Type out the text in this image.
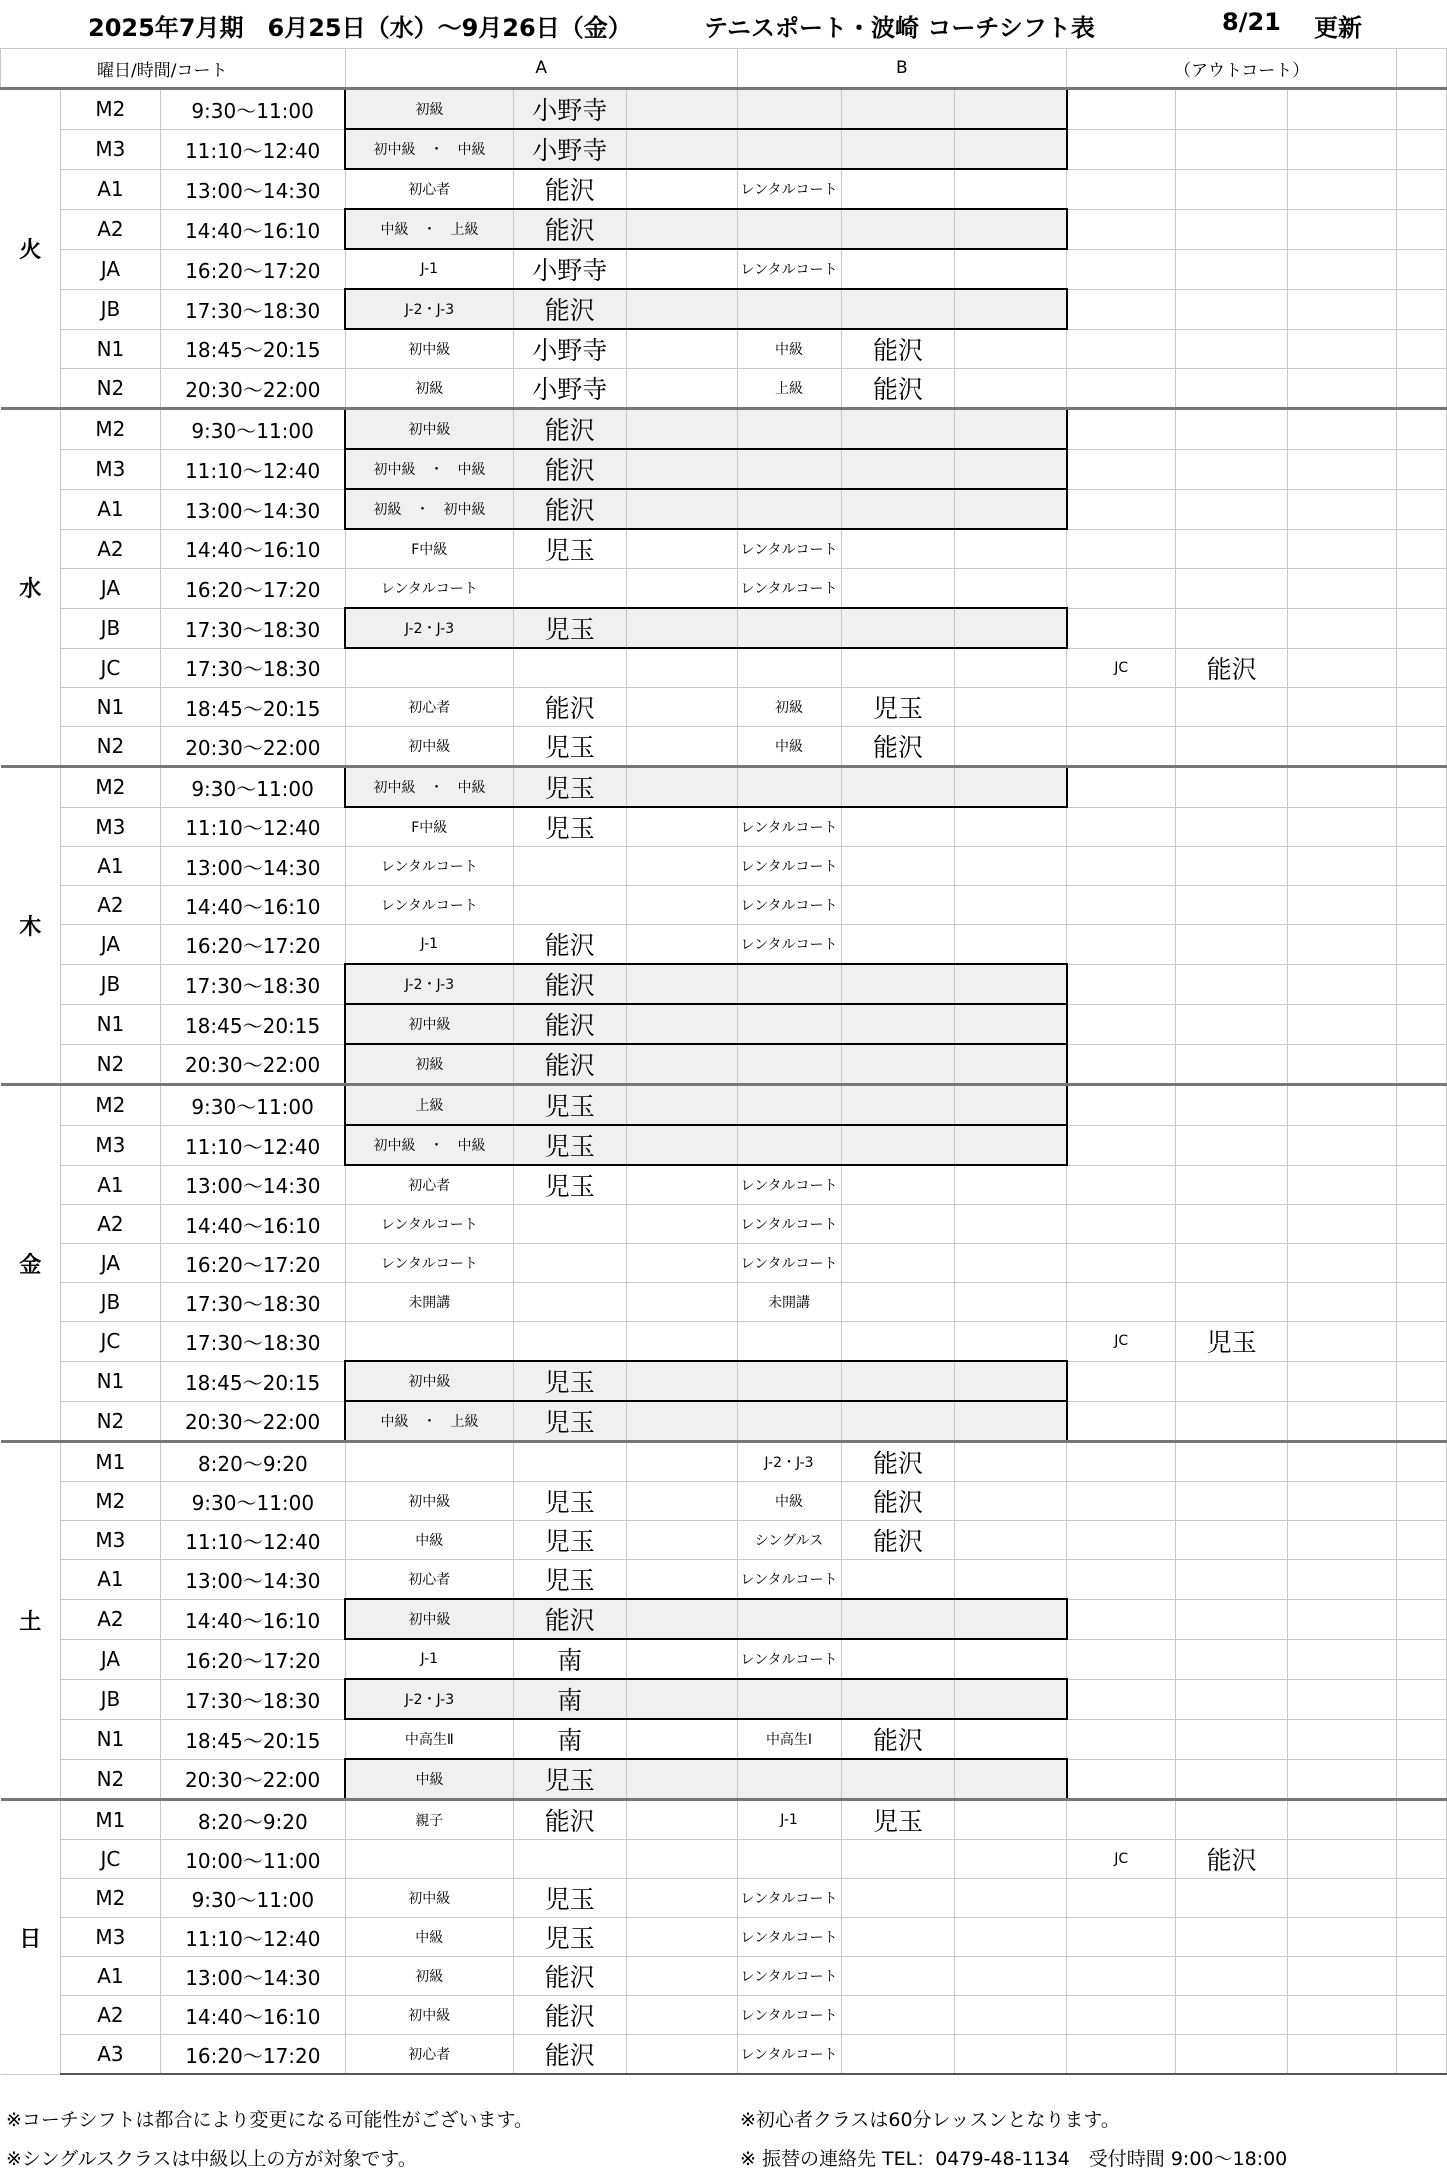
2025年7月期　6月25日（水）～9月26日（金）	テニスポート・波崎 コーチシフト表	8/21 更新
曜日/時間/コート			A			B			（アウトコート）			
火	M2	9:30～11:00	初級	小野寺								
	M3	11:10～12:40	初中級　・　中級	小野寺								
	A1	13:00～14:30	初心者	能沢		レンタルコート						
	A2	14:40～16:10	中級　・　上級	能沢								
	JA	16:20～17:20	J-1	小野寺		レンタルコート						
	JB	17:30～18:30	J-2・J-3	能沢								
	N1	18:45～20:15	初中級	小野寺		中級	能沢					
	N2	20:30～22:00	初級	小野寺		上級	能沢					
水	M2	9:30～11:00	初中級	能沢								
	M3	11:10～12:40	初中級　・　中級	能沢								
	A1	13:00～14:30	初級　・　初中級	能沢								
	A2	14:40～16:10	F中級	児玉		レンタルコート						
	JA	16:20～17:20	レンタルコート			レンタルコート						
	JB	17:30～18:30	J-2・J-3	児玉								
	JC	17:30～18:30							JC	能沢		
	N1	18:45～20:15	初心者	能沢		初級	児玉					
	N2	20:30～22:00	初中級	児玉		中級	能沢					
木	M2	9:30～11:00	初中級　・　中級	児玉								
	M3	11:10～12:40	F中級	児玉		レンタルコート						
	A1	13:00～14:30	レンタルコート			レンタルコート						
	A2	14:40～16:10	レンタルコート			レンタルコート						
	JA	16:20～17:20	J-1	能沢		レンタルコート						
	JB	17:30～18:30	J-2・J-3	能沢								
	N1	18:45～20:15	初中級	能沢								
	N2	20:30～22:00	初級	能沢								
金	M2	9:30～11:00	上級	児玉								
	M3	11:10～12:40	初中級　・　中級	児玉								
	A1	13:00～14:30	初心者	児玉		レンタルコート						
	A2	14:40～16:10	レンタルコート			レンタルコート						
	JA	16:20～17:20	レンタルコート			レンタルコート						
	JB	17:30～18:30	未開講			未開講						
	JC	17:30～18:30							JC	児玉		
	N1	18:45～20:15	初中級	児玉								
	N2	20:30～22:00	中級　・　上級	児玉								
土	M1	8:20～9:20				J-2・J-3	能沢					
	M2	9:30～11:00	初中級	児玉		中級	能沢					
	M3	11:10～12:40	中級	児玉		シングルス	能沢					
	A1	13:00～14:30	初心者	児玉		レンタルコート						
	A2	14:40～16:10	初中級	能沢								
	JA	16:20～17:20	J-1	南		レンタルコート						
	JB	17:30～18:30	J-2・J-3	南								
	N1	18:45～20:15	中高生Ⅱ	南		中高生Ⅰ	能沢					
	N2	20:30～22:00	中級	児玉								
日	M1	8:20～9:20	親子	能沢		J-1	児玉					
	JC	10:00～11:00							JC	能沢		
	M2	9:30～11:00	初中級	児玉		レンタルコート						
	M3	11:10～12:40	中級	児玉		レンタルコート						
	A1	13:00～14:30	初級	能沢		レンタルコート						
	A2	14:40～16:10	初中級	能沢		レンタルコート						
	A3	16:20～17:20	初心者	能沢		レンタルコート						
※コーチシフトは都合により変更になる可能性がございます。
※シングルスクラスは中級以上の方が対象です。
※初心者クラスは60分レッスンとなります。
※ 振替の連絡先 TEL：0479-48-1134　受付時間 9:00～18:00
